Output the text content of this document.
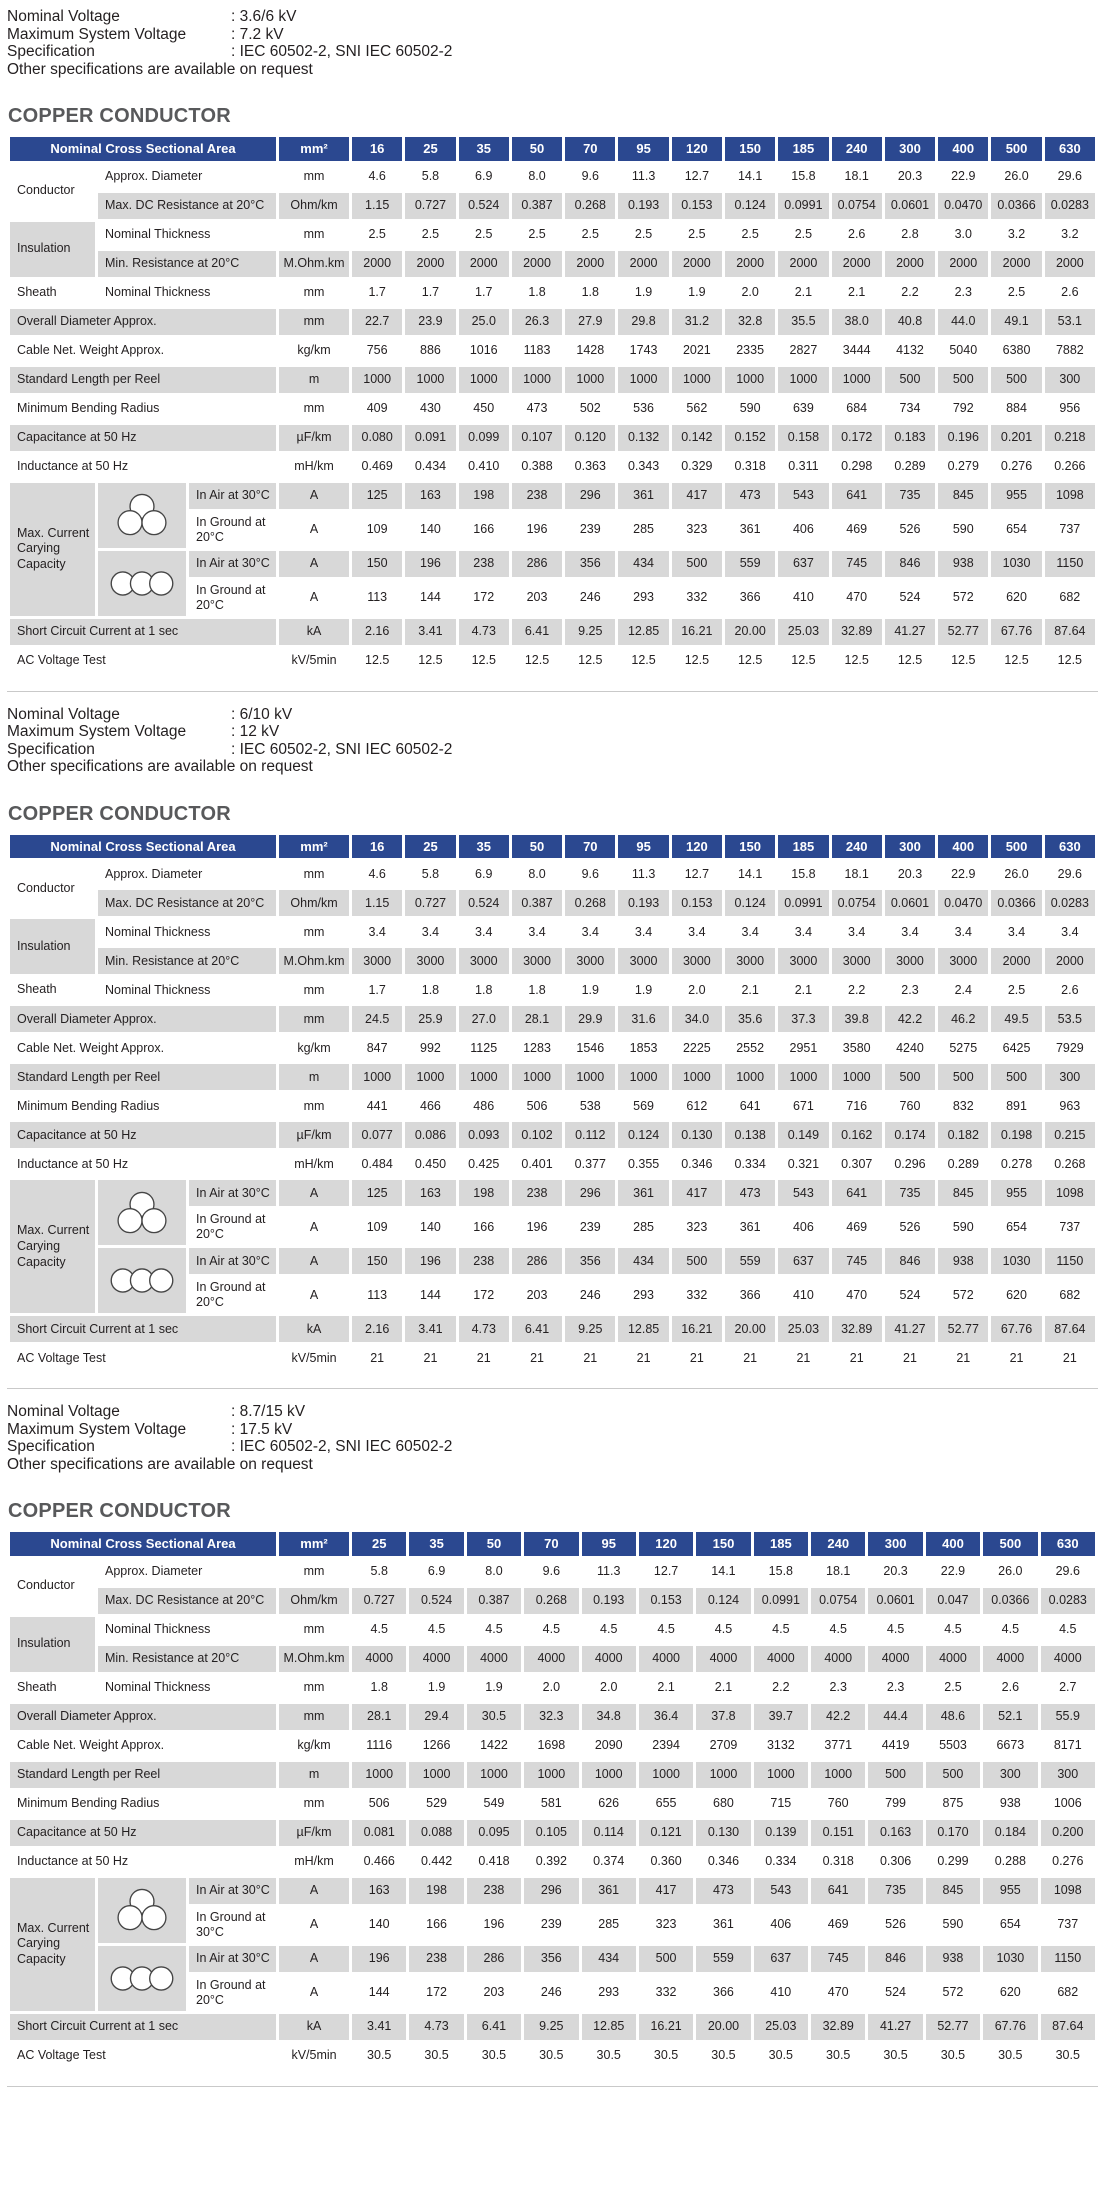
Nominal Voltage	: 3.6/6 kV
Maximum System Voltage	: 7.2 kV
Specification	: IEC 60502-2, SNI IEC 60502-2
Other specifications are available on request
COPPER CONDUCTOR
Nominal Cross Sectional Area			mm²	16	25	35	50	70	95	120	150	185	240	300	400	500	630
Conductor	Approx. Diameter		mm	4.6	5.8	6.9	8.0	9.6	11.3	12.7	14.1	15.8	18.1	20.3	22.9	26.0	29.6
	Max. DC Resistance at 20°C		Ohm/km	1.15	0.727	0.524	0.387	0.268	0.193	0.153	0.124	0.0991	0.0754	0.0601	0.0470	0.0366	0.0283
Insulation	Nominal Thickness		mm	2.5	2.5	2.5	2.5	2.5	2.5	2.5	2.5	2.5	2.6	2.8	3.0	3.2	3.2
	Min. Resistance at 20°C		M.Ohm.km	2000	2000	2000	2000	2000	2000	2000	2000	2000	2000	2000	2000	2000	2000
Sheath	Nominal Thickness		mm	1.7	1.7	1.7	1.8	1.8	1.9	1.9	2.0	2.1	2.1	2.2	2.3	2.5	2.6
Overall Diameter Approx.			mm	22.7	23.9	25.0	26.3	27.9	29.8	31.2	32.8	35.5	38.0	40.8	44.0	49.1	53.1
Cable Net. Weight Approx.			kg/km	756	886	1016	1183	1428	1743	2021	2335	2827	3444	4132	5040	6380	7882
Standard Length per Reel			m	1000	1000	1000	1000	1000	1000	1000	1000	1000	1000	500	500	500	300
Minimum Bending Radius			mm	409	430	450	473	502	536	562	590	639	684	734	792	884	956
Capacitance at 50 Hz			µF/km	0.080	0.091	0.099	0.107	0.120	0.132	0.142	0.152	0.158	0.172	0.183	0.196	0.201	0.218
Inductance at 50 Hz			mH/km	0.469	0.434	0.410	0.388	0.363	0.343	0.329	0.318	0.311	0.298	0.289	0.279	0.276	0.266
Max. Current Carying Capacity		In Air at 30°C	A	125	163	198	238	296	361	417	473	543	641	735	845	955	1098
		In Ground at 20°C	A	109	140	166	196	239	285	323	361	406	469	526	590	654	737

	In Air at 30°C	A	150	196	238	286	356	434	500	559	637	745	846	938	1030	1150
		In Ground at 20°C	A	113	144	172	203	246	293	332	366	410	470	524	572	620	682
Short Circuit Current at 1 sec			kA	2.16	3.41	4.73	6.41	9.25	12.85	16.21	20.00	25.03	32.89	41.27	52.77	67.76	87.64
AC Voltage Test			kV/5min	12.5	12.5	12.5	12.5	12.5	12.5	12.5	12.5	12.5	12.5	12.5	12.5	12.5	12.5
Nominal Voltage	: 6/10 kV
Maximum System Voltage	: 12 kV
Specification	: IEC 60502-2, SNI IEC 60502-2
Other specifications are available on request
COPPER CONDUCTOR
Nominal Cross Sectional Area			mm²	16	25	35	50	70	95	120	150	185	240	300	400	500	630
Conductor	Approx. Diameter		mm	4.6	5.8	6.9	8.0	9.6	11.3	12.7	14.1	15.8	18.1	20.3	22.9	26.0	29.6
	Max. DC Resistance at 20°C		Ohm/km	1.15	0.727	0.524	0.387	0.268	0.193	0.153	0.124	0.0991	0.0754	0.0601	0.0470	0.0366	0.0283
Insulation	Nominal Thickness		mm	3.4	3.4	3.4	3.4	3.4	3.4	3.4	3.4	3.4	3.4	3.4	3.4	3.4	3.4
	Min. Resistance at 20°C		M.Ohm.km	3000	3000	3000	3000	3000	3000	3000	3000	3000	3000	3000	3000	2000	2000
Sheath	Nominal Thickness		mm	1.7	1.8	1.8	1.8	1.9	1.9	2.0	2.1	2.1	2.2	2.3	2.4	2.5	2.6
Overall Diameter Approx.			mm	24.5	25.9	27.0	28.1	29.9	31.6	34.0	35.6	37.3	39.8	42.2	46.2	49.5	53.5
Cable Net. Weight Approx.			kg/km	847	992	1125	1283	1546	1853	2225	2552	2951	3580	4240	5275	6425	7929
Standard Length per Reel			m	1000	1000	1000	1000	1000	1000	1000	1000	1000	1000	500	500	500	300
Minimum Bending Radius			mm	441	466	486	506	538	569	612	641	671	716	760	832	891	963
Capacitance at 50 Hz			µF/km	0.077	0.086	0.093	0.102	0.112	0.124	0.130	0.138	0.149	0.162	0.174	0.182	0.198	0.215
Inductance at 50 Hz			mH/km	0.484	0.450	0.425	0.401	0.377	0.355	0.346	0.334	0.321	0.307	0.296	0.289	0.278	0.268
Max. Current Carying Capacity		In Air at 30°C	A	125	163	198	238	296	361	417	473	543	641	735	845	955	1098
		In Ground at 20°C	A	109	140	166	196	239	285	323	361	406	469	526	590	654	737

	In Air at 30°C	A	150	196	238	286	356	434	500	559	637	745	846	938	1030	1150
		In Ground at 20°C	A	113	144	172	203	246	293	332	366	410	470	524	572	620	682
Short Circuit Current at 1 sec			kA	2.16	3.41	4.73	6.41	9.25	12.85	16.21	20.00	25.03	32.89	41.27	52.77	67.76	87.64
AC Voltage Test			kV/5min	21	21	21	21	21	21	21	21	21	21	21	21	21	21
Nominal Voltage	: 8.7/15 kV
Maximum System Voltage	: 17.5 kV
Specification	: IEC 60502-2, SNI IEC 60502-2
Other specifications are available on request
COPPER CONDUCTOR
Nominal Cross Sectional Area			mm²	25	35	50	70	95	120	150	185	240	300	400	500	630
Conductor	Approx. Diameter		mm	5.8	6.9	8.0	9.6	11.3	12.7	14.1	15.8	18.1	20.3	22.9	26.0	29.6
	Max. DC Resistance at 20°C		Ohm/km	0.727	0.524	0.387	0.268	0.193	0.153	0.124	0.0991	0.0754	0.0601	0.047	0.0366	0.0283
Insulation	Nominal Thickness		mm	4.5	4.5	4.5	4.5	4.5	4.5	4.5	4.5	4.5	4.5	4.5	4.5	4.5
	Min. Resistance at 20°C		M.Ohm.km	4000	4000	4000	4000	4000	4000	4000	4000	4000	4000	4000	4000	4000
Sheath	Nominal Thickness		mm	1.8	1.9	1.9	2.0	2.0	2.1	2.1	2.2	2.3	2.3	2.5	2.6	2.7
Overall Diameter Approx.			mm	28.1	29.4	30.5	32.3	34.8	36.4	37.8	39.7	42.2	44.4	48.6	52.1	55.9
Cable Net. Weight Approx.			kg/km	1116	1266	1422	1698	2090	2394	2709	3132	3771	4419	5503	6673	8171
Standard Length per Reel			m	1000	1000	1000	1000	1000	1000	1000	1000	1000	500	500	300	300
Minimum Bending Radius			mm	506	529	549	581	626	655	680	715	760	799	875	938	1006
Capacitance at 50 Hz			µF/km	0.081	0.088	0.095	0.105	0.114	0.121	0.130	0.139	0.151	0.163	0.170	0.184	0.200
Inductance at 50 Hz			mH/km	0.466	0.442	0.418	0.392	0.374	0.360	0.346	0.334	0.318	0.306	0.299	0.288	0.276
Max. Current Carying Capacity		In Air at 30°C	A	163	198	238	296	361	417	473	543	641	735	845	955	1098
		In Ground at 30°C	A	140	166	196	239	285	323	361	406	469	526	590	654	737

	In Air at 30°C	A	196	238	286	356	434	500	559	637	745	846	938	1030	1150
		In Ground at 20°C	A	144	172	203	246	293	332	366	410	470	524	572	620	682
Short Circuit Current at 1 sec			kA	3.41	4.73	6.41	9.25	12.85	16.21	20.00	25.03	32.89	41.27	52.77	67.76	87.64
AC Voltage Test			kV/5min	30.5	30.5	30.5	30.5	30.5	30.5	30.5	30.5	30.5	30.5	30.5	30.5	30.5
